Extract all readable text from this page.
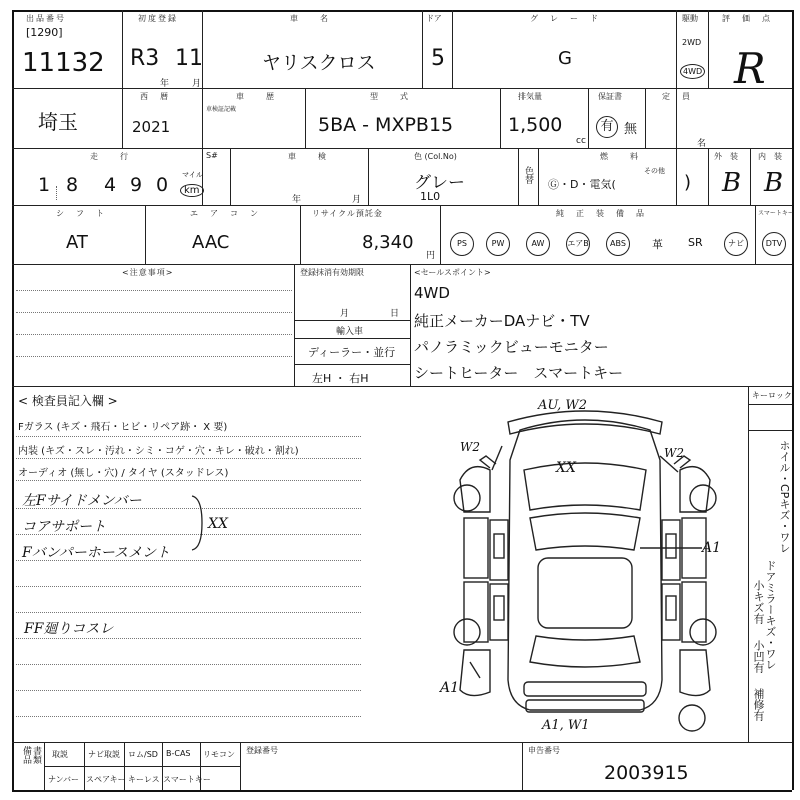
出品番号
[1290]
11132
初度登録
R3 11
年	月
車　　名
ヤリスクロス
ドア
5
グ　レ　ー　ド
G
駆動
2WD
4WD
評　価　点
R
埼玉
西　暦
2021
車　　歴
車検証記載
型　　式
5BA - MXPB15
排気量
1,500
cc
保証書
有 無
定　員
名
走　　行
1 8 4 9 0 マイル
km
S#	車　　検
年	月
色 (Col.No)
グレー
1L0
色替
燃　　料
Ⓖ・D・電気(
その他
)
外　装
B
内　装
B
シ　フ　ト
AT
エ　ア　コ　ン
AAC
リサイクル預託金
8,340
円
純　正　装　備　品	スマートキー
PS	PW	AW	エアB	ABS	革 SR	ナビ	DTV
<注意事項>	登録抹消有効期限
月	日
輸入車
ディーラー・並行
左H ・ 右H
<セールスポイント>
4WD
純正メーカーDAナビ・TV
パノラミックビューモニター
シートヒーター　スマートキー
< 検査員記入欄 >
Fガラス (キズ・飛石・ヒビ・リペア跡・ X 要)
内装 (キズ・スレ・汚れ・シミ・コゲ・穴・キレ・破れ・割れ)
オーディオ (無し・穴) / タイヤ (スタッドレス)
左Fサイドメンバー
コアサポート
Fバンパーホースメント
XX
FF廻りコスレ
AU, W2
W2	W2
XX
A1
A1
A1, W1
キーロック
ホイル・CPキズ・ワレ
ドアミラーキズ・ワレ
小キズ有
小凹有
補修有
備品 書類 取説	ナビ取説 ロム/SD B-CAS リモコン
ナンバー スペアキー キーレス スマートキー
登録番号	申告番号
2003915
